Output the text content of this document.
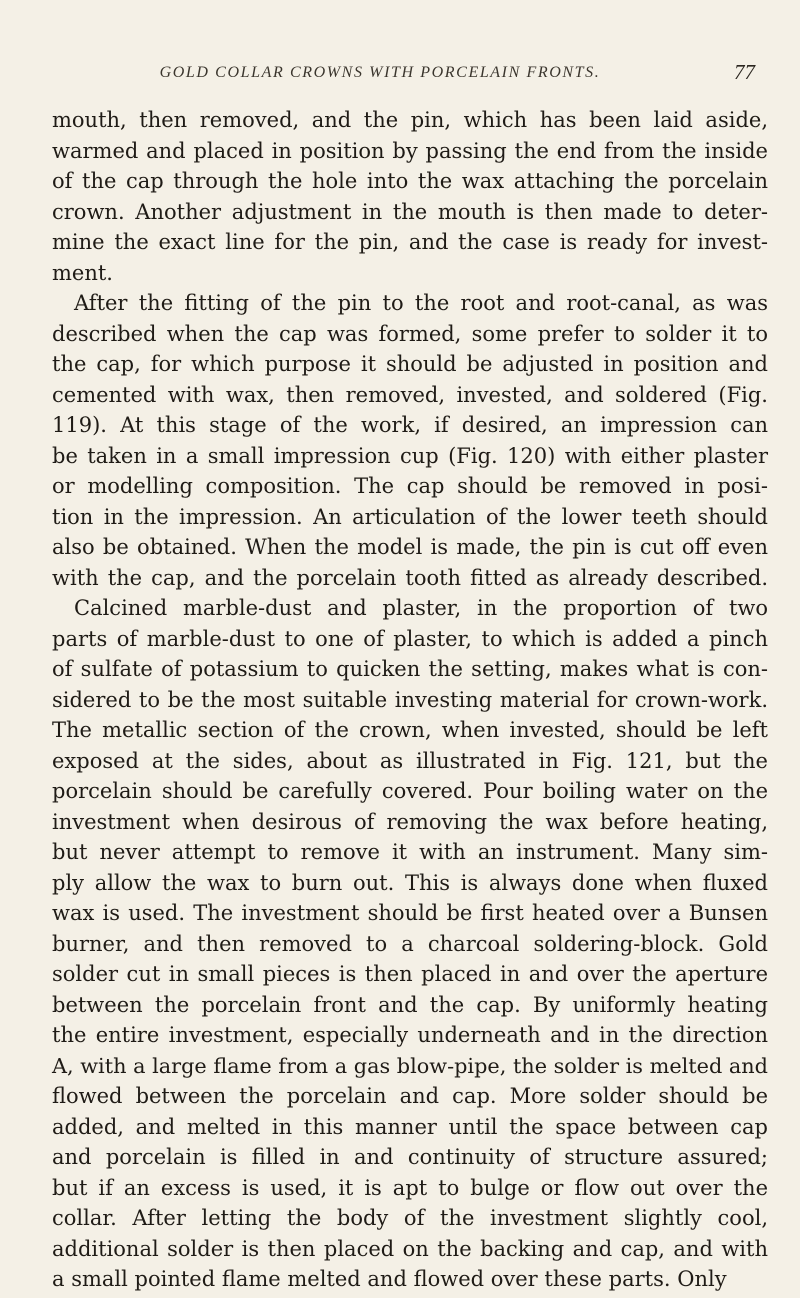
GOLD COLLAR CROWNS WITH PORCELAIN FRONTS.	77
mouth, then removed, and the pin, which has been laid aside,
warmed and placed in position by passing the end from the inside
of the cap through the hole into the wax attaching the porcelain
crown. Another adjustment in the mouth is then made to deter-
mine the exact line for the pin, and the case is ready for invest-
ment.
After the fitting of the pin to the root and root-canal, as was
described when the cap was formed, some prefer to solder it to
the cap, for which purpose it should be adjusted in position and
cemented with wax, then removed, invested, and soldered (Fig.
119). At this stage of the work, if desired, an impression can
be taken in a small impression cup (Fig. 120) with either plaster
or modelling composition. The cap should be removed in posi-
tion in the impression. An articulation of the lower teeth should
also be obtained. When the model is made, the pin is cut off even
with the cap, and the porcelain tooth fitted as already described.
Calcined marble-dust and plaster, in the proportion of two
parts of marble-dust to one of plaster, to which is added a pinch
of sulfate of potassium to quicken the setting, makes what is con-
sidered to be the most suitable investing material for crown-work.
The metallic section of the crown, when invested, should be left
exposed at the sides, about as illustrated in Fig. 121, but the
porcelain should be carefully covered. Pour boiling water on the
investment when desirous of removing the wax before heating,
but never attempt to remove it with an instrument. Many sim-
ply allow the wax to burn out. This is always done when fluxed
wax is used. The investment should be first heated over a Bunsen
burner, and then removed to a charcoal soldering-block. Gold
solder cut in small pieces is then placed in and over the aperture
between the porcelain front and the cap. By uniformly heating
the entire investment, especially underneath and in the direction
A, with a large flame from a gas blow-pipe, the solder is melted and
flowed between the porcelain and cap. More solder should be
added, and melted in this manner until the space between cap
and porcelain is filled in and continuity of structure assured;
but if an excess is used, it is apt to bulge or flow out over the
collar. After letting the body of the investment slightly cool,
additional solder is then placed on the backing and cap, and with
a small pointed flame melted and flowed over these parts. Only
